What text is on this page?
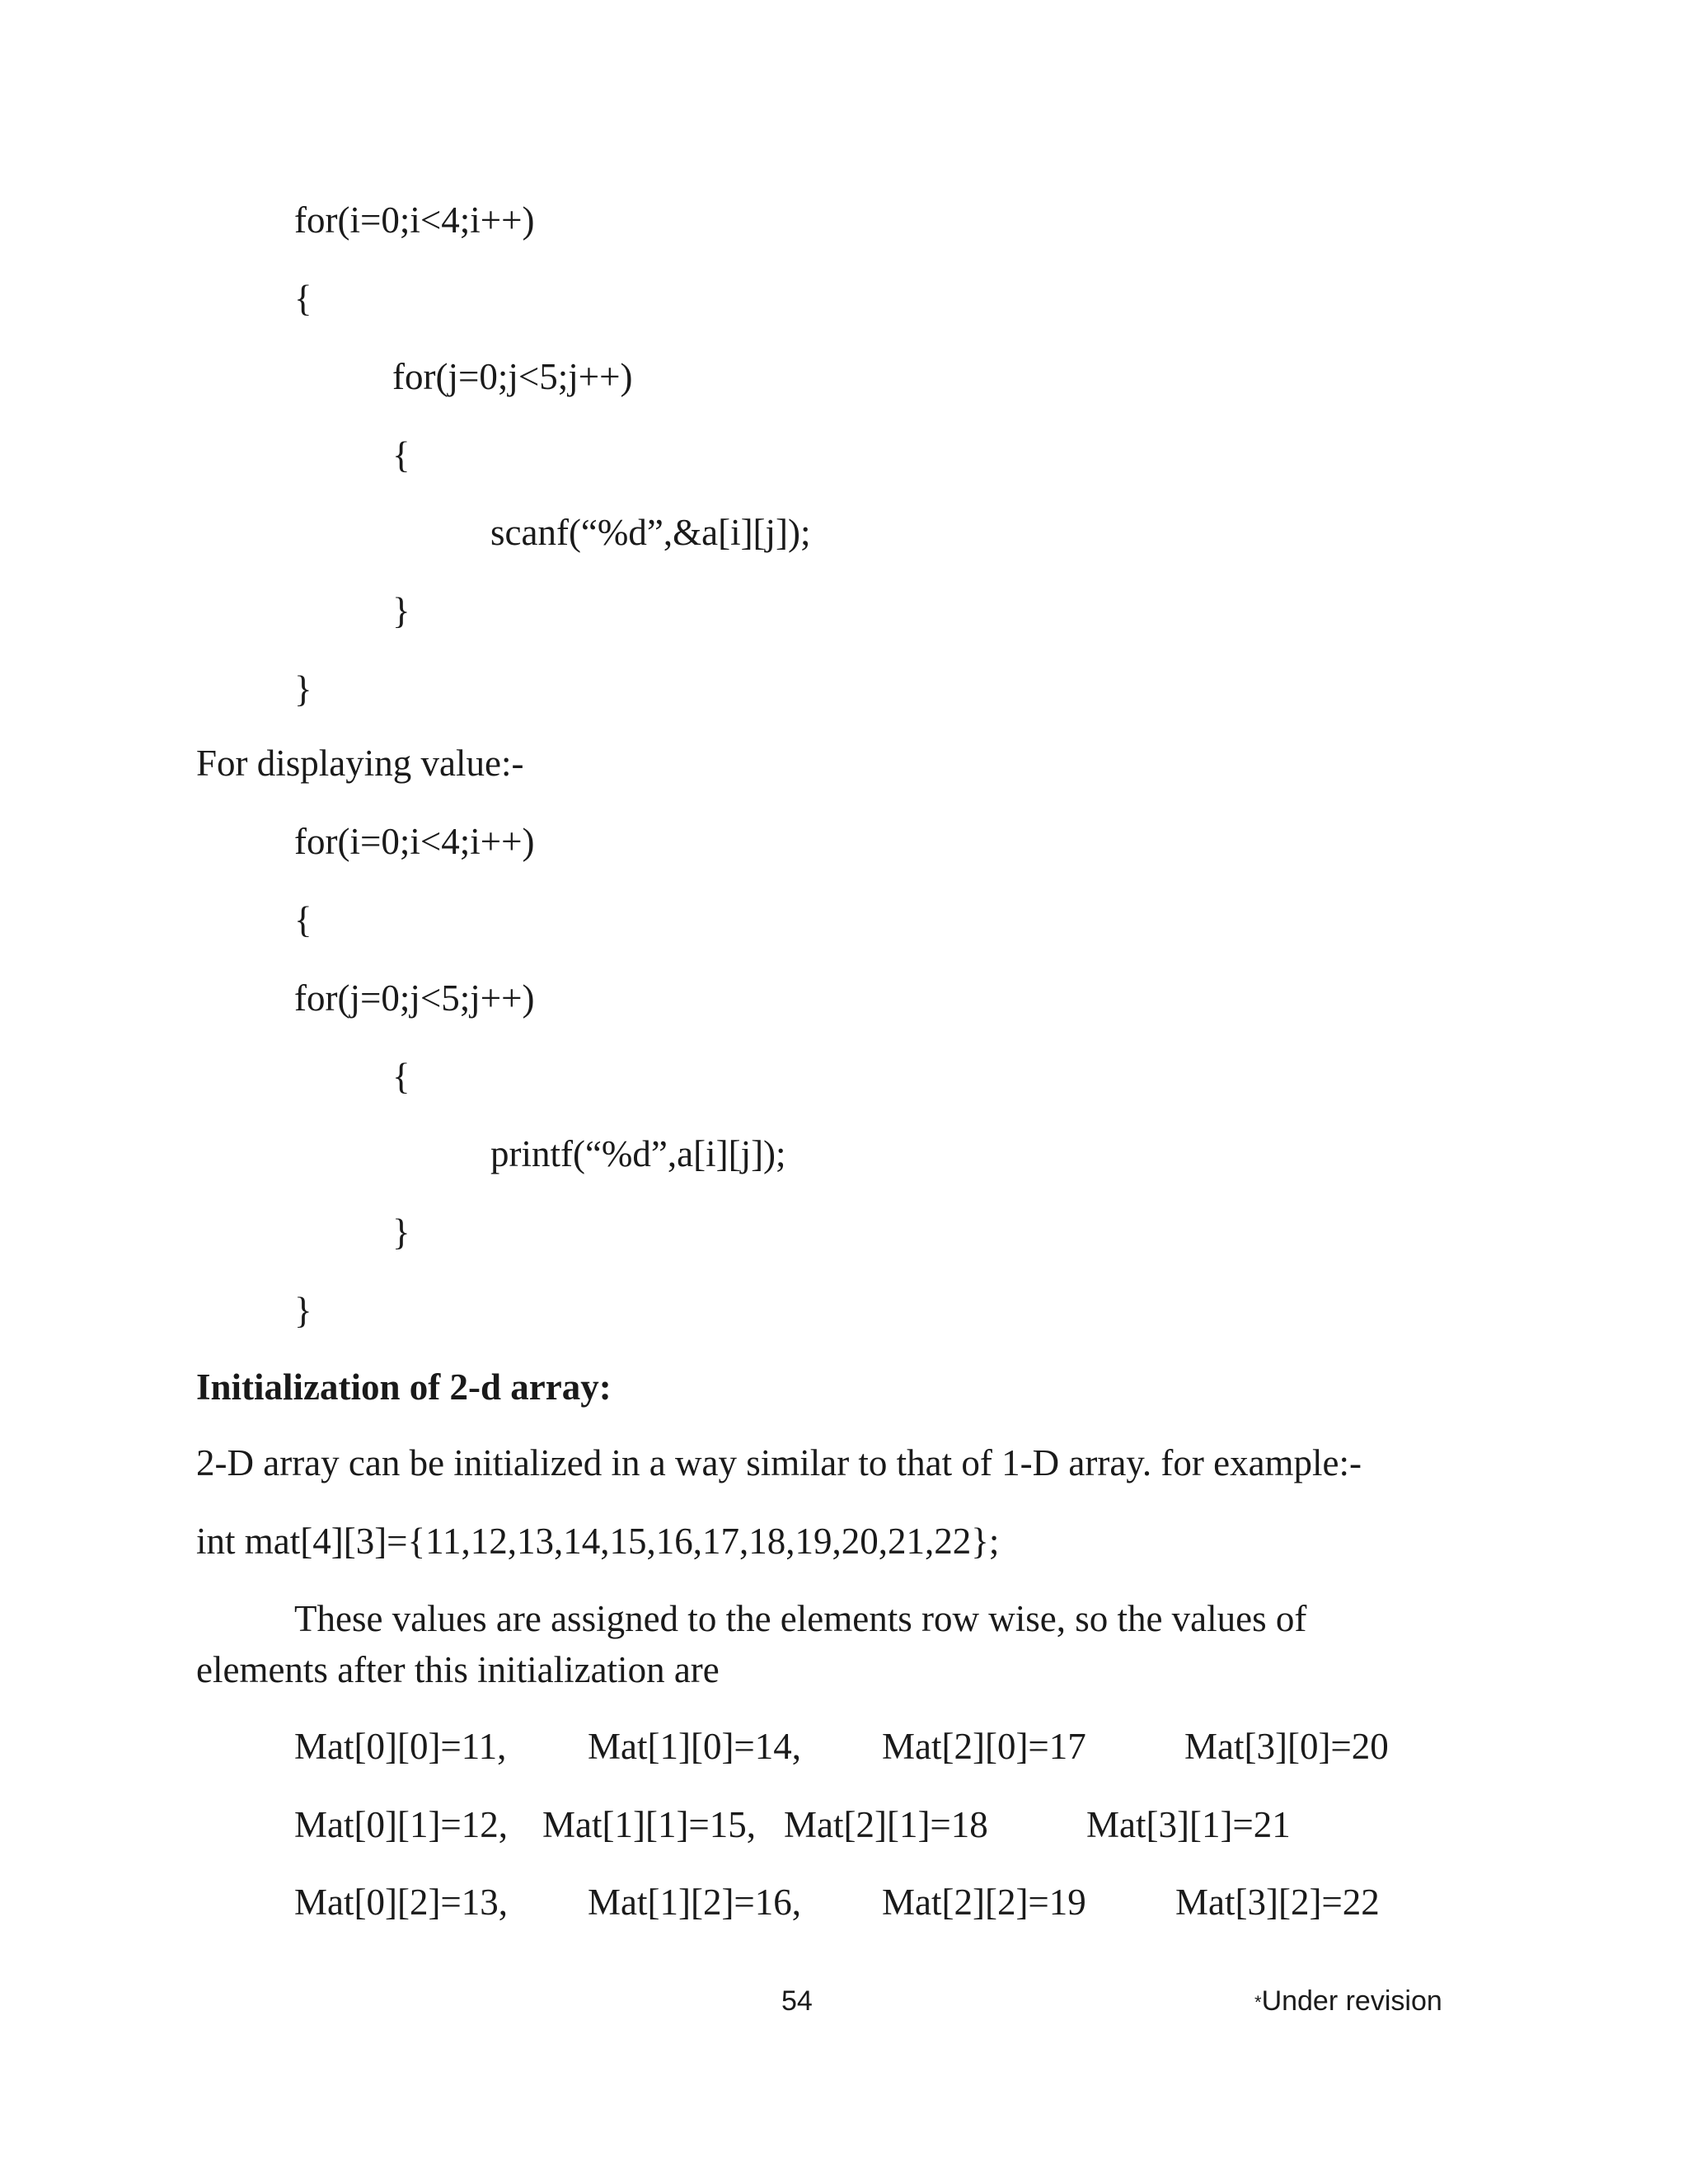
for(i=0;i<4;i++)
{
for(j=0;j<5;j++)
{
scanf(“%d”,&a[i][j]);
}
}
For displaying value:-
for(i=0;i<4;i++)
{
for(j=0;j<5;j++)
{
printf(“%d”,a[i][j]);
}
}
Initialization of 2-d array:
2-D array can be initialized in a way similar to that of 1-D array. for example:-
int mat[4][3]={11,12,13,14,15,16,17,18,19,20,21,22};
These values are assigned to the elements row wise, so the values of
elements after this initialization are
Mat[0][0]=11, Mat[1][0]=14, Mat[2][0]=17	Mat[3][0]=20
Mat[0][1]=12, Mat[1][1]=15, Mat[2][1]=18	Mat[3][1]=21
Mat[0][2]=13, Mat[1][2]=16, Mat[2][2]=19 Mat[3][2]=22
54	*Under revision
